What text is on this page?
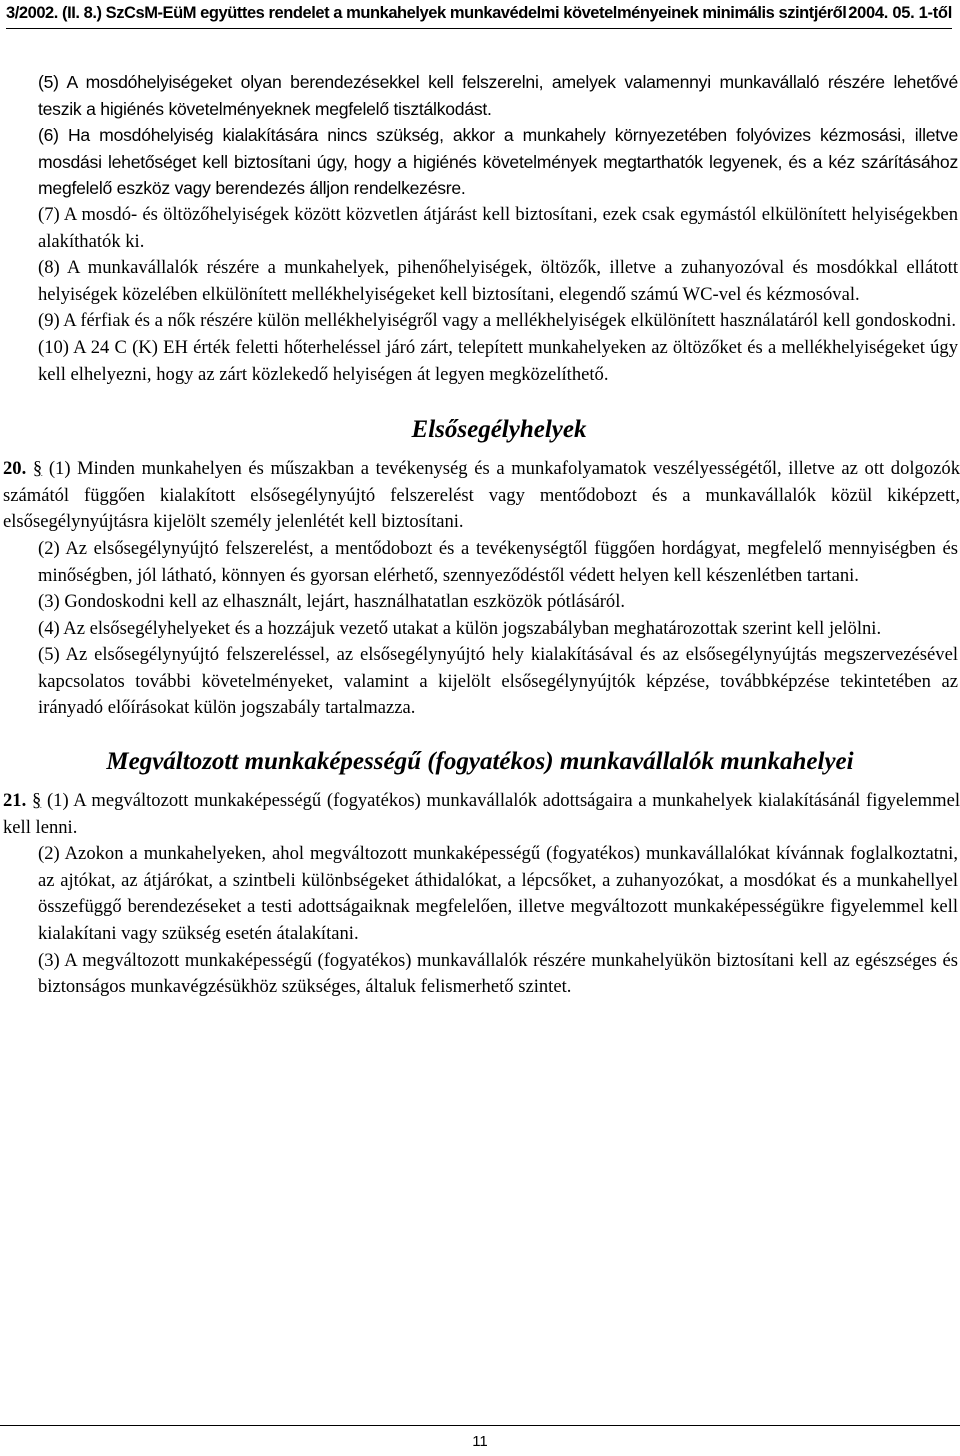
3/2002. (II. 8.) SzCsM-EüM együttes rendelet a munkahelyek munkavédelmi követelményeinek minimális szintjéről 2004. 05. 1-től

(5) A mosdóhelyiségeket olyan berendezésekkel kell felszerelni, amelyek valamennyi munkavállaló részére lehetővé teszik a higiénés követelményeknek megfelelő tisztálkodást.

(6) Ha mosdóhelyiség kialakítására nincs szükség, akkor a munkahely környezetében folyóvizes kézmosási, illetve mosdási lehetőséget kell biztosítani úgy, hogy a higiénés követelmények megtarthatók legyenek, és a kéz szárításához megfelelő eszköz vagy berendezés álljon rendelkezésre.

(7) A mosdó- és öltözőhelyiségek között közvetlen átjárást kell biztosítani, ezek csak egymástól elkülönített helyiségekben alakíthatók ki.

(8) A munkavállalók részére a munkahelyek, pihenőhelyiségek, öltözők, illetve a zuhanyozóval és mosdókkal ellátott helyiségek közelében elkülönített mellékhelyiségeket kell biztosítani, elegendő számú WC-vel és kézmosóval.

(9) A férfiak és a nők részére külön mellékhelyiségről vagy a mellékhelyiségek elkülönített használatáról kell gondoskodni.

(10) A 24 C (K) EH érték feletti hőterheléssel járó zárt, telepített munkahelyeken az öltözőket és a mellékhelyiségeket úgy kell elhelyezni, hogy az zárt közlekedő helyiségen át legyen megközelíthető.

Elsősegélyhelyek

20. § (1) Minden munkahelyen és műszakban a tevékenység és a munkafolyamatok veszélyességétől, illetve az ott dolgozók számától függően kialakított elsősegélynyújtó felszerelést vagy mentődobozt és a munkavállalók közül kiképzett, elsősegélynyújtásra kijelölt személy jelenlétét kell biztosítani.

(2) Az elsősegélynyújtó felszerelést, a mentődobozt és a tevékenységtől függően hordágyat, megfelelő mennyiségben és minőségben, jól látható, könnyen és gyorsan elérhető, szennyeződéstől védett helyen kell készenlétben tartani.

(3) Gondoskodni kell az elhasznált, lejárt, használhatatlan eszközök pótlásáról.

(4) Az elsősegélyhelyeket és a hozzájuk vezető utakat a külön jogszabályban meghatározottak szerint kell jelölni.

(5) Az elsősegélynyújtó felszereléssel, az elsősegélynyújtó hely kialakításával és az elsősegélynyújtás megszervezésével kapcsolatos további követelményeket, valamint a kijelölt elsősegélynyújtók képzése, továbbképzése tekintetében az irányadó előírásokat külön jogszabály tartalmazza.

Megváltozott munkaképességű (fogyatékos) munkavállalók munkahelyei

21. § (1) A megváltozott munkaképességű (fogyatékos) munkavállalók adottságaira a munkahelyek kialakításánál figyelemmel kell lenni.

(2) Azokon a munkahelyeken, ahol megváltozott munkaképességű (fogyatékos) munkavállalókat kívánnak foglalkoztatni, az ajtókat, az átjárókat, a szintbeli különbségeket áthidalókat, a lépcsőket, a zuhanyozókat, a mosdókat és a munkahellyel összefüggő berendezéseket a testi adottságaiknak megfelelően, illetve megváltozott munkaképességükre figyelemmel kell kialakítani vagy szükség esetén átalakítani.

(3) A megváltozott munkaképességű (fogyatékos) munkavállalók részére munkahelyükön biztosítani kell az egészséges és biztonságos munkavégzésükhöz szükséges, általuk felismerhető szintet.

11
